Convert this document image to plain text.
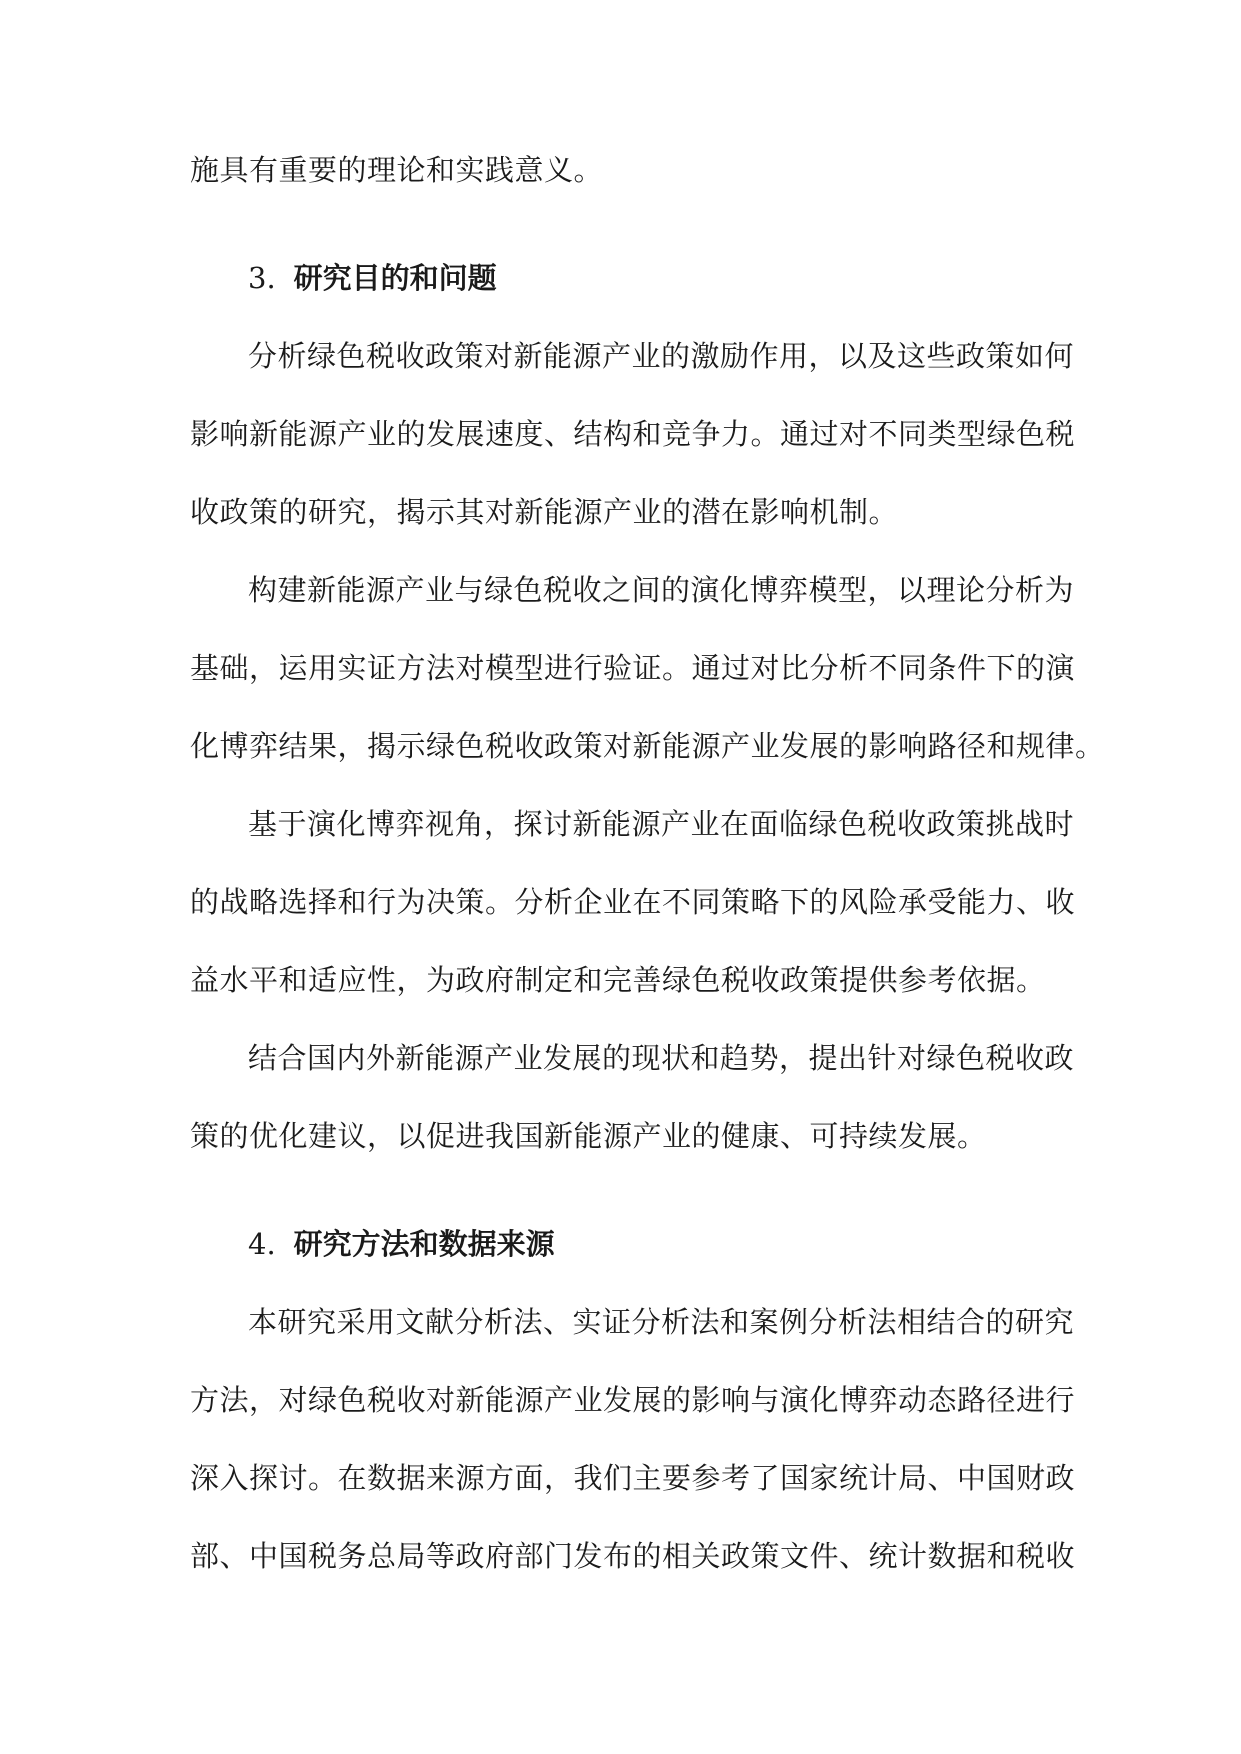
施具有重要的理论和实践意义。
3. 研究目的和问题
分析绿色税收政策对新能源产业的激励作用，以及这些政策如何
影响新能源产业的发展速度、结构和竞争力。通过对不同类型绿色税
收政策的研究，揭示其对新能源产业的潜在影响机制。
构建新能源产业与绿色税收之间的演化博弈模型，以理论分析为
基础，运用实证方法对模型进行验证。通过对比分析不同条件下的演
化博弈结果，揭示绿色税收政策对新能源产业发展的影响路径和规律。
基于演化博弈视角，探讨新能源产业在面临绿色税收政策挑战时
的战略选择和行为决策。分析企业在不同策略下的风险承受能力、收
益水平和适应性，为政府制定和完善绿色税收政策提供参考依据。
结合国内外新能源产业发展的现状和趋势，提出针对绿色税收政
策的优化建议，以促进我国新能源产业的健康、可持续发展。
4. 研究方法和数据来源
本研究采用文献分析法、实证分析法和案例分析法相结合的研究
方法，对绿色税收对新能源产业发展的影响与演化博弈动态路径进行
深入探讨。在数据来源方面，我们主要参考了国家统计局、中国财政
部、中国税务总局等政府部门发布的相关政策文件、统计数据和税收
